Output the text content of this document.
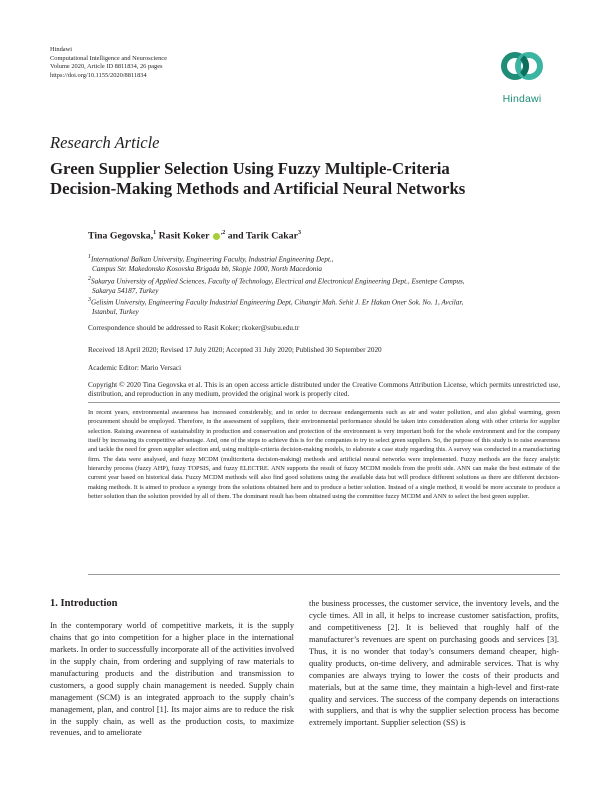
Hindawi
Computational Intelligence and Neuroscience
Volume 2020, Article ID 8811834, 26 pages
https://doi.org/10.1155/2020/8811834
Hindawi
Research Article
Green Supplier Selection Using Fuzzy Multiple-Criteria
Decision-Making Methods and Artificial Neural Networks
Tina Gegovska,$^1$ Rasit Koker $^{,2}$ and Tarik Cakar$^3$

$^1$International Balkan University, Engineering Faculty, Industrial Engineering Dept.,

Campus Str. Makedonsko Kosovska Brigada bb, Skopje 1000, North Macedonia

$^2$Sakarya University of Applied Sciences, Faculty of Technology, Electrical and Electronical Engineering Dept., Esentepe Campus,

Sakarya 54187, Turkey

$^3$Gelisim University, Engineering Faculty Industrial Engineering Dept, Cihangir Mah. Sehit J. Er Hakan Oner Sok. No. 1, Avcilar,

Istanbul, Turkey

Correspondence should be addressed to Rasit Koker; rkoker@subu.edu.tr
Received 18 April 2020; Revised 17 July 2020; Accepted 31 July 2020; Published 30 September 2020
Academic Editor: Mario Versaci
Copyright © 2020 Tina Gegovska et al. This is an open access article distributed under the Creative Commons Attribution License, which permits unrestricted use, distribution, and reproduction in any medium, provided the original work is properly cited.
In recent years, environmental awareness has increased considerably, and in order to decrease endangerments such as air and water pollution, and also global warming, green procurement should be employed. Therefore, in the assessment of suppliers, their environmental performance should be taken into consideration along with other criteria for supplier selection. Raising awareness of sustainability in production and conservation and protection of the environment is very important both for the whole environment and for the company itself by increasing its competitive advantage. And, one of the steps to achieve this is for the companies to try to select green suppliers. So, the purpose of this study is to raise awareness and tackle the need for green supplier selection and, using multiple-criteria decision-making models, to elaborate a case study regarding this. A survey was conducted in a manufacturing firm. The data were analysed, and fuzzy MCDM (multicriteria decision-making) methods and artificial neural networks were implemented. Fuzzy methods are the fuzzy analytic hierarchy process (fuzzy AHP), fuzzy TOPSIS, and fuzzy ELECTRE. ANN supports the result of fuzzy MCDM models from the profit side. ANN can make the best estimate of the current year based on historical data. Fuzzy MCDM methods will also find good solutions using the available data but will produce different solutions as there are different decision-making methods. It is aimed to produce a synergy from the solutions obtained here and to produce a better solution. Instead of a single method, it would be more accurate to produce a better solution than the solution provided by all of them. The dominant result has been obtained using the committee fuzzy MCDM and ANN to select the best green supplier.
1. Introduction

In the contemporary world of competitive markets, it is the supply chains that go into competition for a higher place in the international markets. In order to successfully incorporate all of the activities involved in the supply chain, from ordering and supplying of raw materials to manufacturing products and the distribution and transmission to customers, a good supply chain management is needed. Supply chain management (SCM) is an integrated approach to the supply chain’s management, plan, and control [1]. Its major aims are to reduce the risk in the supply chain, as well as the production costs, to maximize revenues, and to ameliorate

the business processes, the customer service, the inventory levels, and the cycle times. All in all, it helps to increase customer satisfaction, profits, and competitiveness [2]. It is believed that roughly half of the manufacturer’s revenues are spent on purchasing goods and services [3]. Thus, it is no wonder that today’s consumers demand cheaper, high-quality products, on-time delivery, and admirable services. That is why companies are always trying to lower the costs of their products and materials, but at the same time, they maintain a high-level and first-rate quality and services. The success of the company depends on interactions with suppliers, and that is why the supplier selection process has become extremely important. Supplier selection (SS) is
